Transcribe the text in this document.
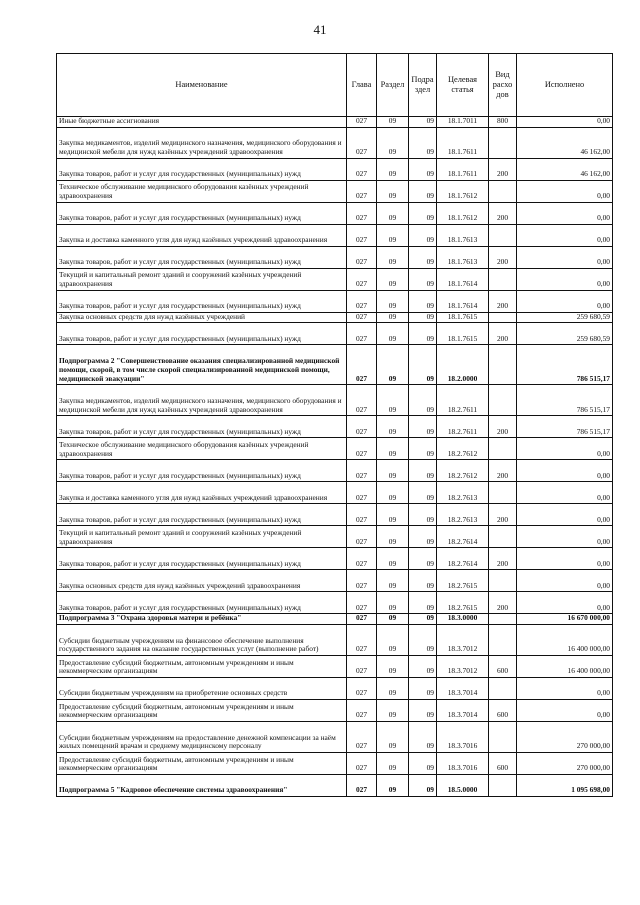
41
Наименование	Глава	Раздел	Подра здел	Целевая статья	Вид расхо дов	Исполнено
Иные бюджетные ассигнования	027	09	09	18.1.7011	800	0,00
Закупка медикаментов, изделий медицинского назначения, медицинского оборудования и медицинской мебели для нужд казённых учреждений здравоохранения	027	09	09	18.1.7611		46 162,00
Закупка товаров, работ и услуг для государственных (муниципальных) нужд	027	09	09	18.1.7611	200	46 162,00
Техническое обслуживание медицинского оборудования казённых учреждений здравоохранения	027	09	09	18.1.7612		0,00
Закупка товаров, работ и услуг для государственных (муниципальных) нужд	027	09	09	18.1.7612	200	0,00
Закупка и доставка каменного угля для нужд казённых учреждений здравоохранения	027	09	09	18.1.7613		0,00
Закупка товаров, работ и услуг для государственных (муниципальных) нужд	027	09	09	18.1.7613	200	0,00
Текущий и капитальный ремонт зданий и сооружений казённых учреждений здравоохранения	027	09	09	18.1.7614		0,00
Закупка товаров, работ и услуг для государственных (муниципальных) нужд	027	09	09	18.1.7614	200	0,00
Закупка основных средств для нужд казённых учреждений	027	09	09	18.1.7615		259 680,59
Закупка товаров, работ и услуг для государственных (муниципальных) нужд	027	09	09	18.1.7615	200	259 680,59
Подпрограмма 2 "Совершенствование оказания специализированной медицинской помощи, скорой, в том числе скорой специализированной медицинской помощи, медицинской эвакуации"	027	09	09	18.2.0000		786 515,17
Закупка медикаментов, изделий медицинского назначения, медицинского оборудования и медицинской мебели для нужд казённых учреждений здравоохранения	027	09	09	18.2.7611		786 515,17
Закупка товаров, работ и услуг для государственных (муниципальных) нужд	027	09	09	18.2.7611	200	786 515,17
Техническое обслуживание медицинского оборудования казённых учреждений здравоохранения	027	09	09	18.2.7612		0,00
Закупка товаров, работ и услуг для государственных (муниципальных) нужд	027	09	09	18.2.7612	200	0,00
Закупка и доставка каменного угля для нужд казённых учреждений здравоохранения	027	09	09	18.2.7613		0,00
Закупка товаров, работ и услуг для государственных (муниципальных) нужд	027	09	09	18.2.7613	200	0,00
Текущий и капитальный ремонт зданий и сооружений казённых учреждений здравоохранения	027	09	09	18.2.7614		0,00
Закупка товаров, работ и услуг для государственных (муниципальных) нужд	027	09	09	18.2.7614	200	0,00
Закупка основных средств для нужд казённых учреждений здравоохранения	027	09	09	18.2.7615		0,00
Закупка товаров, работ и услуг для государственных (муниципальных) нужд	027	09	09	18.2.7615	200	0,00
Подпрограмма 3 "Охрана здоровья матери и ребёнка"	027	09	09	18.3.0000		16 670 000,00
Субсидии бюджетным учреждениям на финансовое обеспечение выполнения государственного задания на оказание государственных услуг (выполнение работ)	027	09	09	18.3.7012		16 400 000,00
Предоставление субсидий бюджетным, автономным учреждениям и иным некоммерческим организациям	027	09	09	18.3.7012	600	16 400 000,00
Субсидии бюджетным учреждениям на приобретение основных средств	027	09	09	18.3.7014		0,00
Предоставление субсидий бюджетным, автономным учреждениям и иным некоммерческим организациям	027	09	09	18.3.7014	600	0,00
Субсидии бюджетным учреждениям на предоставление денежной компенсации за наём жилых помещений врачам и среднему медицинскому персоналу	027	09	09	18.3.7016		270 000,00
Предоставление субсидий бюджетным, автономным учреждениям и иным некоммерческим организациям	027	09	09	18.3.7016	600	270 000,00
Подпрограмма 5 "Кадровое обеспечение системы здравоохранения"	027	09	09	18.5.0000		1 095 698,00
